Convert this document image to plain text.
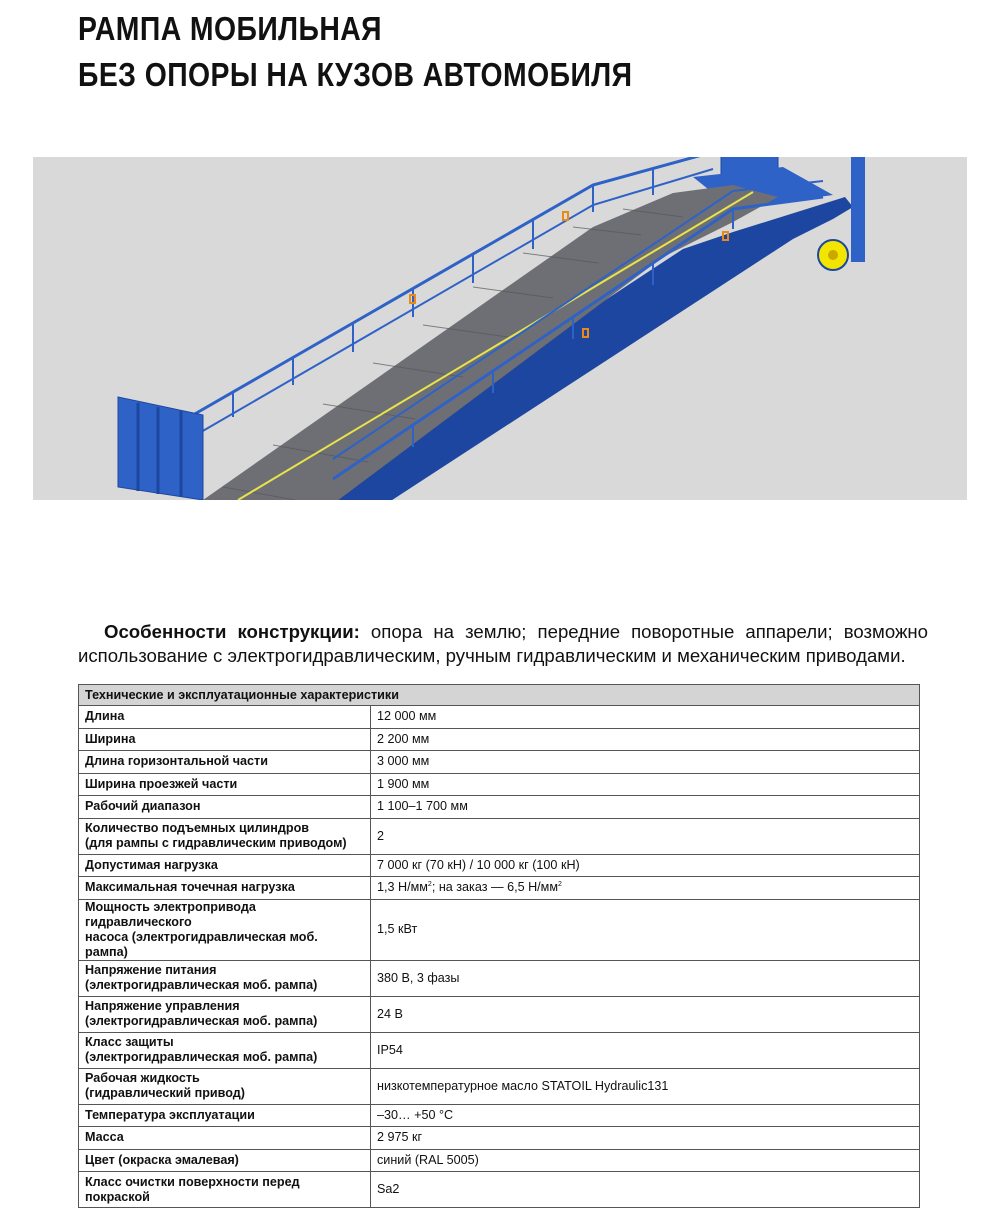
РАМПА МОБИЛЬНАЯ
БЕЗ ОПОРЫ НА КУЗОВ АВТОМОБИЛЯ

Особенности конструкции: опора на землю; передние поворотные аппарели; возможно использование с электрогидравлическим, ручным гидравлическим и механическим приводами.

Технические и эксплуатационные характеристики	
Длина	12 000 мм
Ширина	2 200 мм
Длина горизонтальной части	3 000 мм
Ширина проезжей части	1 900 мм
Рабочий диапазон	1 100–1 700 мм
Количество подъемных цилиндров
(для рампы с гидравлическим приводом)	2
Допустимая нагрузка	7 000 кг (70 кН) / 10 000 кг (100 кН)
Максимальная точечная нагрузка	1,3 $Н/мм^2$; на заказ — 6,5 $Н/мм^2$
Мощность электропривода гидравлического
насоса (электрогидравлическая моб. рампа)	1,5 кВт
Напряжение питания
(электрогидравлическая моб. рампа)	380 В, 3 фазы
Напряжение управления
(электрогидравлическая моб. рампа)	24 В
Класс защиты
(электрогидравлическая моб. рампа)	IP54
Рабочая жидкость
(гидравлический привод)	низкотемпературное масло STATOIL Hydraulic131
Температура эксплуатации	–30… +50 °C
Масса	2 975 кг
Цвет (окраска эмалевая)	синий (RAL 5005)
Класс очистки поверхности перед
покраской	Sa2
